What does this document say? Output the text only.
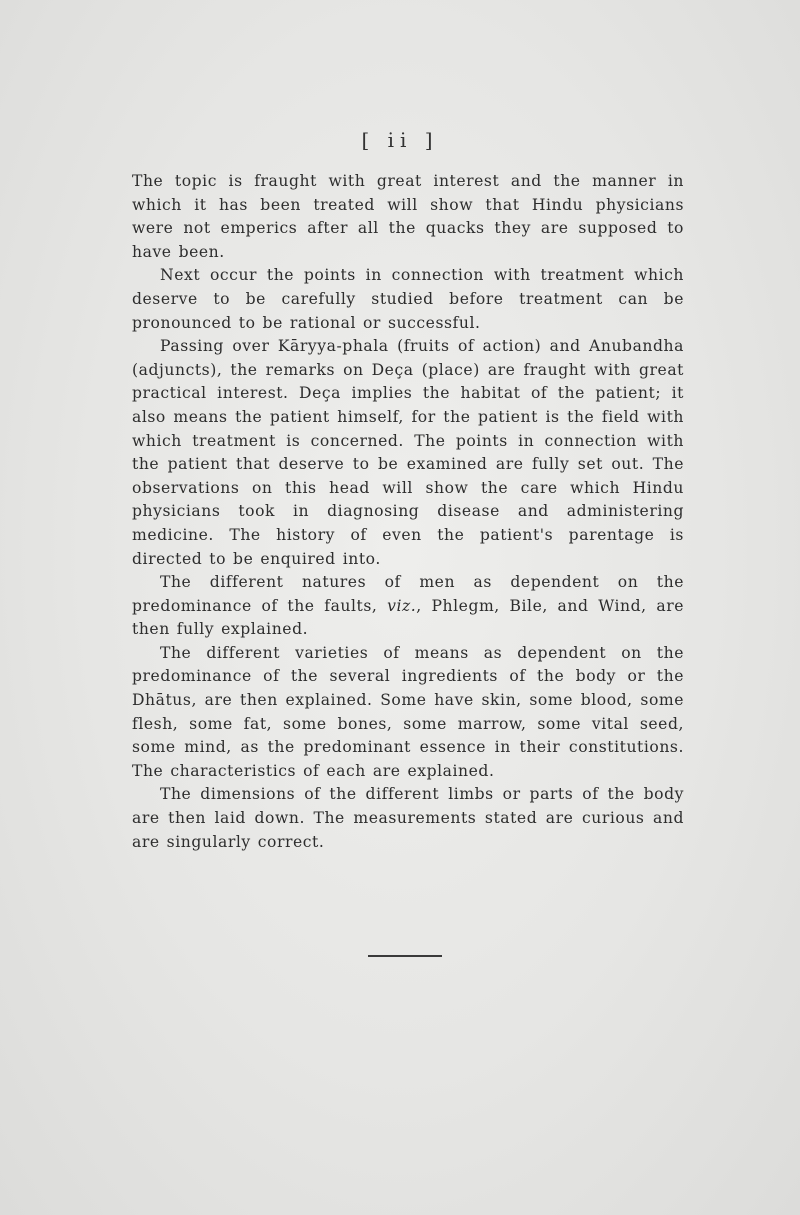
[ ii ]

The topic is fraught with great interest and the manner in which it has been treated will show that Hindu physicians were not emperics after all the quacks they are supposed to have been.

Next occur the points in connection with treatment which deserve to be carefully studied before treatment can be pronounced to be rational or successful.

Passing over Kāryya-phala (fruits of action) and Anubandha (adjuncts), the remarks on Deça (place) are fraught with great practical interest. Deça implies the habitat of the patient; it also means the patient himself, for the patient is the field with which treatment is concerned. The points in connection with the patient that deserve to be examined are fully set out. The observations on this head will show the care which Hindu physicians took in diagnosing disease and administering medicine. The history of even the patient's parentage is directed to be enquired into.

The different natures of men as dependent on the predominance of the faults, viz., Phlegm, Bile, and Wind, are then fully explained.

The different varieties of means as dependent on the predominance of the several ingredients of the body or the Dhātus, are then explained. Some have skin, some blood, some flesh, some fat, some bones, some marrow, some vital seed, some mind, as the predominant essence in their constitutions. The characteristics of each are explained.

The dimensions of the different limbs or parts of the body are then laid down. The measurements stated are curious and are singularly correct.
